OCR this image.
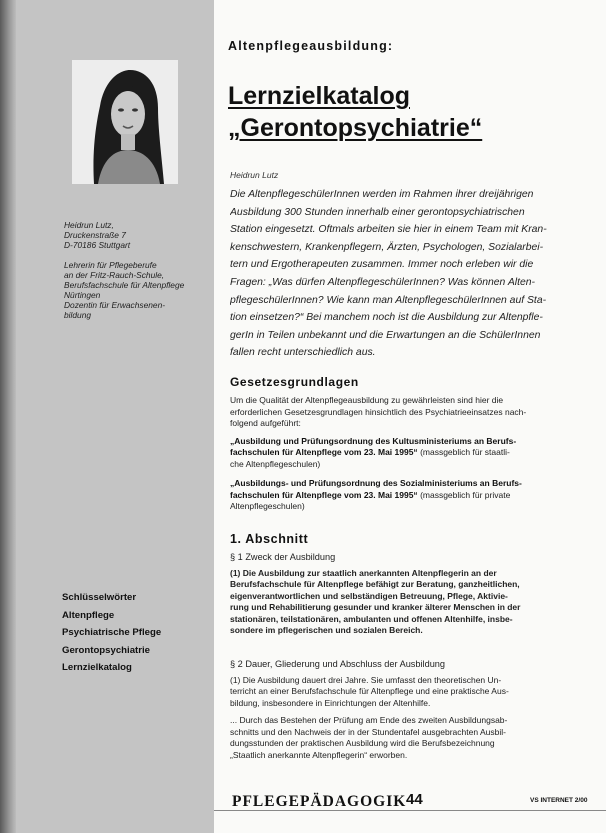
Heidrun Lutz,
Druckenstraße 7
D-70186 Stuttgart
Lehrerin für Pflegeberufe
an der Fritz-Rauch-Schule,
Berufsfachschule für Altenpflege
Nürtingen
Dozentin für Erwachsenen-
bildung
Schlüsselwörter
Altenpflege
Psychiatrische Pflege
Gerontopsychiatrie
Lernzielkatalog
Altenpflegeausbildung:
Lernzielkatalog
„Gerontopsychiatrie“
Heidrun Lutz
Die AltenpflegeschülerInnen werden im Rahmen ihrer dreijährigen
Ausbildung 300 Stunden innerhalb einer gerontopsychiatrischen
Station eingesetzt. Oftmals arbeiten sie hier in einem Team mit Kran-
kenschwestern, Krankenpflegern, Ärzten, Psychologen, Sozialarbei-
tern und Ergotherapeuten zusammen. Immer noch erleben wir die
Fragen: „Was dürfen AltenpflegeschülerInnen? Was können Alten-
pflegeschülerInnen? Wie kann man AltenpflegeschülerInnen auf Sta-
tion einsetzen?“ Bei manchem noch ist die Ausbildung zur Altenpfle-
gerIn in Teilen unbekannt und die Erwartungen an die SchülerInnen
fallen recht unterschiedlich aus.
Gesetzesgrundlagen
Um die Qualität der Altenpflegeausbildung zu gewährleisten sind hier die
erforderlichen Gesetzesgrundlagen hinsichtlich des Psychiatrieeinsatzes nach-
folgend aufgeführt:
„Ausbildung und Prüfungsordnung des Kultusministeriums an Berufs-
fachschulen für Altenpflege vom 23. Mai 1995“ (massgeblich für staatli-
che Altenpflegeschulen)
„Ausbildungs- und Prüfungsordnung des Sozialministeriums an Berufs-
fachschulen für Altenpflege vom 23. Mai 1995“ (massgeblich für private
Altenpflegeschulen)
1. Abschnitt
§ 1 Zweck der Ausbildung
(1) Die Ausbildung zur staatlich anerkannten Altenpflegerin an der
Berufsfachschule für Altenpflege befähigt zur Beratung, ganzheitlichen,
eigenverantwortlichen und selbständigen Betreuung, Pflege, Aktivie-
rung und Rehabilitierung gesunder und kranker älterer Menschen in der
stationären, teilstationären, ambulanten und offenen Altenhilfe, insbe-
sondere im pflegerischen und sozialen Bereich.
§ 2 Dauer, Gliederung und Abschluss der Ausbildung
(1) Die Ausbildung dauert drei Jahre. Sie umfasst den theoretischen Un-
terricht an einer Berufsfachschule für Altenpflege und eine praktische Aus-
bildung, insbesondere in Einrichtungen der Altenhilfe.
... Durch das Bestehen der Prüfung am Ende des zweiten Ausbildungsab-
schnitts und den Nachweis der in der Stundentafel ausgebrachten Ausbil-
dungsstunden der praktischen Ausbildung wird die Berufsbezeichnung
„Staatlich anerkannte Altenpflegerin“ erworben.
PFLEGEPÄDAGOGIK 44	VS INTERNET 2/00
